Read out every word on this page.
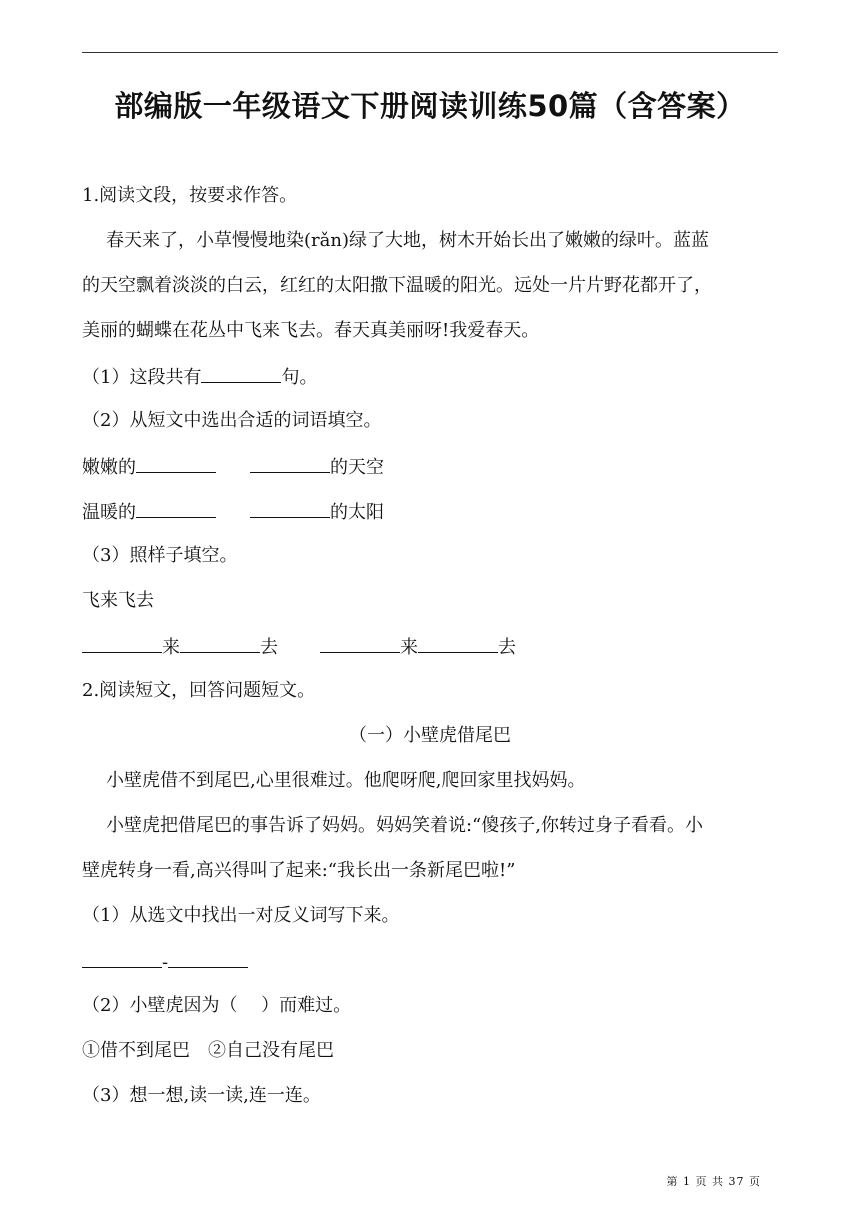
部编版一年级语文下册阅读训练50篇（含答案）
1.阅读文段，按要求作答。
春天来了，小草慢慢地染(rǎn)绿了大地，树木开始长出了嫩嫩的绿叶。蓝蓝
的天空飘着淡淡的白云，红红的太阳撒下温暖的阳光。远处一片片野花都开了，
美丽的蝴蝶在花丛中飞来飞去。春天真美丽呀!我爱春天。
（1）这段共有	句。
（2）从短文中选出合适的词语填空。
嫩嫩的	的天空
温暖的	的太阳
（3）照样子填空。
飞来飞去
来	去	来	去
2.阅读短文，回答问题短文。
（一）小壁虎借尾巴
小壁虎借不到尾巴,心里很难过。他爬呀爬,爬回家里找妈妈。
小壁虎把借尾巴的事告诉了妈妈。妈妈笑着说:“傻孩子,你转过身子看看。小
壁虎转身一看,高兴得叫了起来:“我长出一条新尾巴啦!”
（1）从选文中找出一对反义词写下来。
-
（2）小壁虎因为（　 ）而难过。
①借不到尾巴　②自己没有尾巴
（3）想一想,读一读,连一连。
第 1 页 共 37 页
